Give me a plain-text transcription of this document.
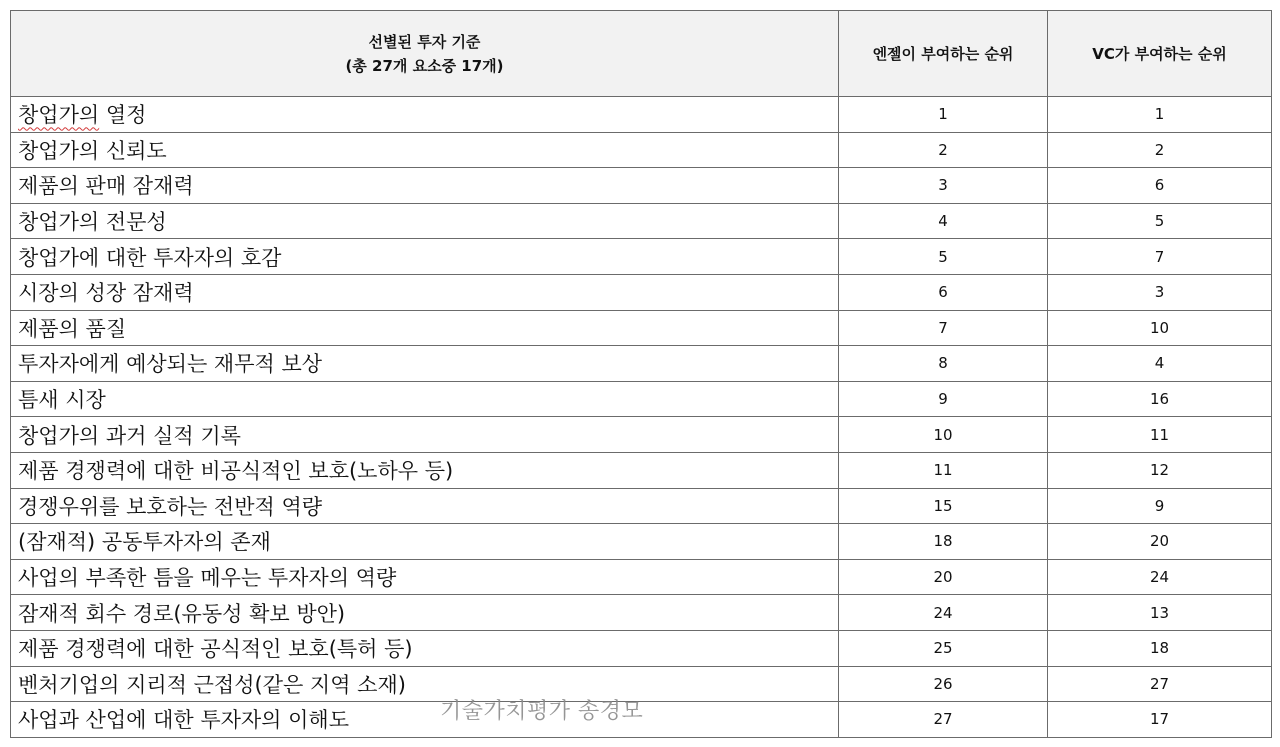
선별된 투자 기준
(총 27개 요소중 17개)	엔젤이 부여하는 순위	VC가 부여하는 순위
창업가의 열정	1	1
창업가의 신뢰도	2	2
제품의 판매 잠재력	3	6
창업가의 전문성	4	5
창업가에 대한 투자자의 호감	5	7
시장의 성장 잠재력	6	3
제품의 품질	7	10
투자자에게 예상되는 재무적 보상	8	4
틈새 시장	9	16
창업가의 과거 실적 기록	10	11
제품 경쟁력에 대한 비공식적인 보호(노하우 등)	11	12
경쟁우위를 보호하는 전반적 역량	15	9
(잠재적) 공동투자자의 존재	18	20
사업의 부족한 틈을 메우는 투자자의 역량	20	24
잠재적 회수 경로(유동성 확보 방안)	24	13
제품 경쟁력에 대한 공식적인 보호(특허 등)	25	18
벤처기업의 지리적 근접성(같은 지역 소재)	26	27
사업과 산업에 대한 투자자의 이해도	27	17
기술가치평가 송경모
